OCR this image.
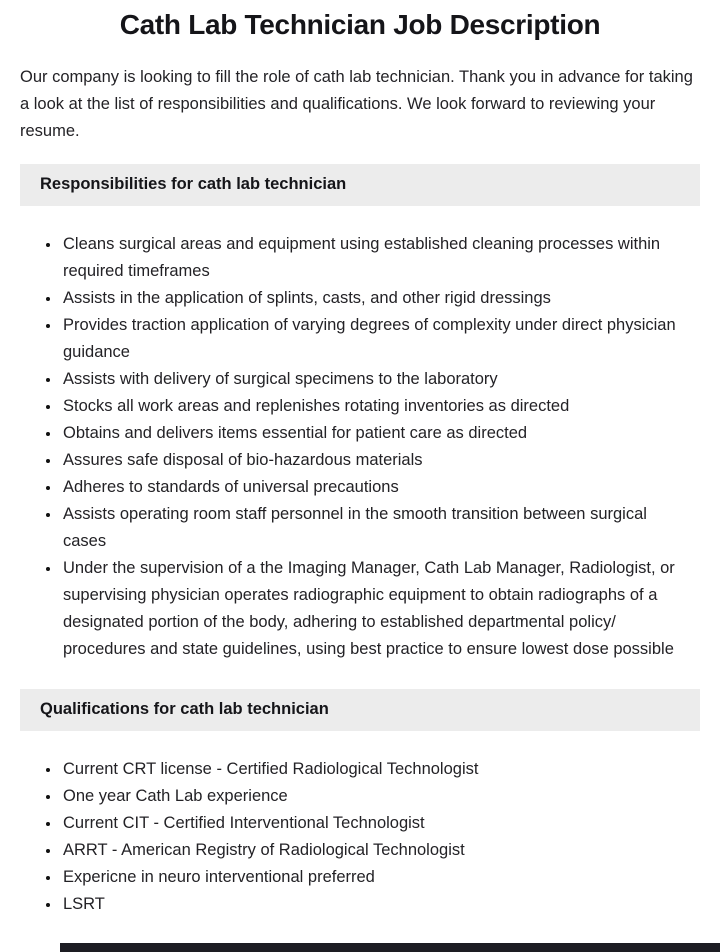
Cath Lab Technician Job Description

Our company is looking to fill the role of cath lab technician. Thank you in advance for taking a look at the list of responsibilities and qualifications. We look forward to reviewing your resume.

Responsibilities for cath lab technician
• Cleans surgical areas and equipment using established cleaning processes within required timeframes
• Assists in the application of splints, casts, and other rigid dressings
• Provides traction application of varying degrees of complexity under direct physician guidance
• Assists with delivery of surgical specimens to the laboratory
• Stocks all work areas and replenishes rotating inventories as directed
• Obtains and delivers items essential for patient care as directed
• Assures safe disposal of bio-hazardous materials
• Adheres to standards of universal precautions
• Assists operating room staff personnel in the smooth transition between surgical cases
• Under the supervision of a the Imaging Manager, Cath Lab Manager, Radiologist, or supervising physician operates radiographic equipment to obtain radiographs of a designated portion of the body, adhering to established departmental policy/ procedures and state guidelines, using best practice to ensure lowest dose possible
Qualifications for cath lab technician
• Current CRT license - Certified Radiological Technologist
• One year Cath Lab experience
• Current CIT - Certified Interventional Technologist
• ARRT - American Registry of Radiological Technologist
• Expericne in neuro interventional preferred
• LSRT
